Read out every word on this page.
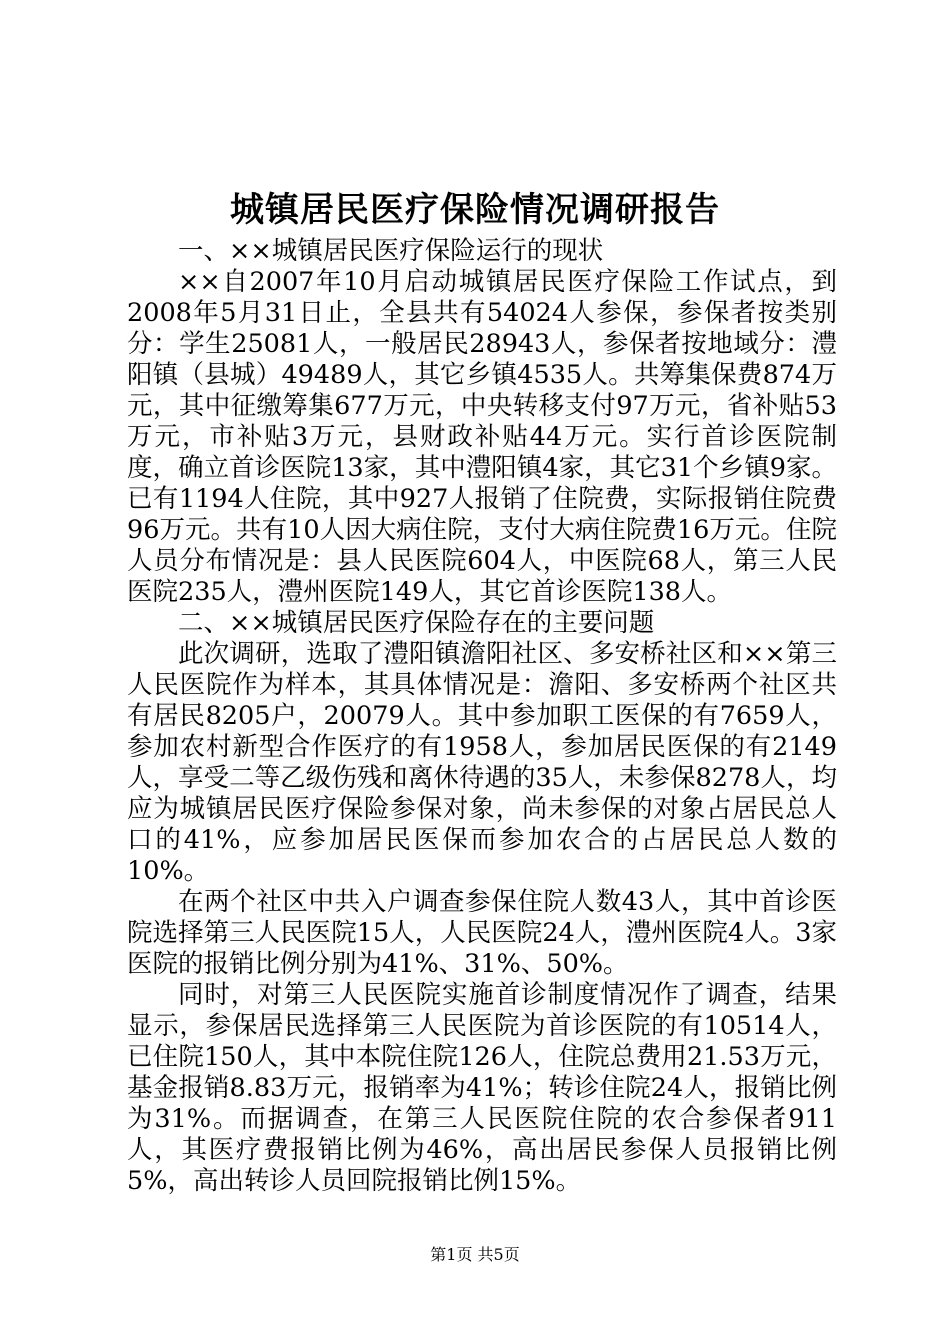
城镇居民医疗保险情况调研报告

一、××城镇居民医疗保险运行的现状

××自2007年10月启动城镇居民医疗保险工作试点，到2008年5月31日止，全县共有54024人参保，参保者按类别分：学生25081人，一般居民28943人，参保者按地域分：澧阳镇（县城）49489人，其它乡镇4535人。共筹集保费874万元，其中征缴筹集677万元，中央转移支付97万元，省补贴53万元，市补贴3万元，县财政补贴44万元。实行首诊医院制度，确立首诊医院13家，其中澧阳镇4家，其它31个乡镇9家。已有1194人住院，其中927人报销了住院费，实际报销住院费96万元。共有10人因大病住院，支付大病住院费16万元。住院人员分布情况是：县人民医院604人，中医院68人，第三人民医院235人，澧州医院149人，其它首诊医院138人。

二、××城镇居民医疗保险存在的主要问题

此次调研，选取了澧阳镇澹阳社区、多安桥社区和××第三人民医院作为样本，其具体情况是：澹阳、多安桥两个社区共有居民8205户，20079人。其中参加职工医保的有7659人，参加农村新型合作医疗的有1958人，参加居民医保的有2149人，享受二等乙级伤残和离休待遇的35人，未参保8278人，均应为城镇居民医疗保险参保对象，尚未参保的对象占居民总人口的41%，应参加居民医保而参加农合的占居民总人数的10%。

在两个社区中共入户调查参保住院人数43人，其中首诊医院选择第三人民医院15人，人民医院24人，澧州医院4人。3家医院的报销比例分别为41%、31%、50%。

同时，对第三人民医院实施首诊制度情况作了调查，结果显示，参保居民选择第三人民医院为首诊医院的有10514人，已住院150人，其中本院住院126人，住院总费用21.53万元，基金报销8.83万元，报销率为41%；转诊住院24人，报销比例为31%。而据调查，在第三人民医院住院的农合参保者911人，其医疗费报销比例为46%，高出居民参保人员报销比例5%，高出转诊人员回院报销比例15%。

第1页 共5页
